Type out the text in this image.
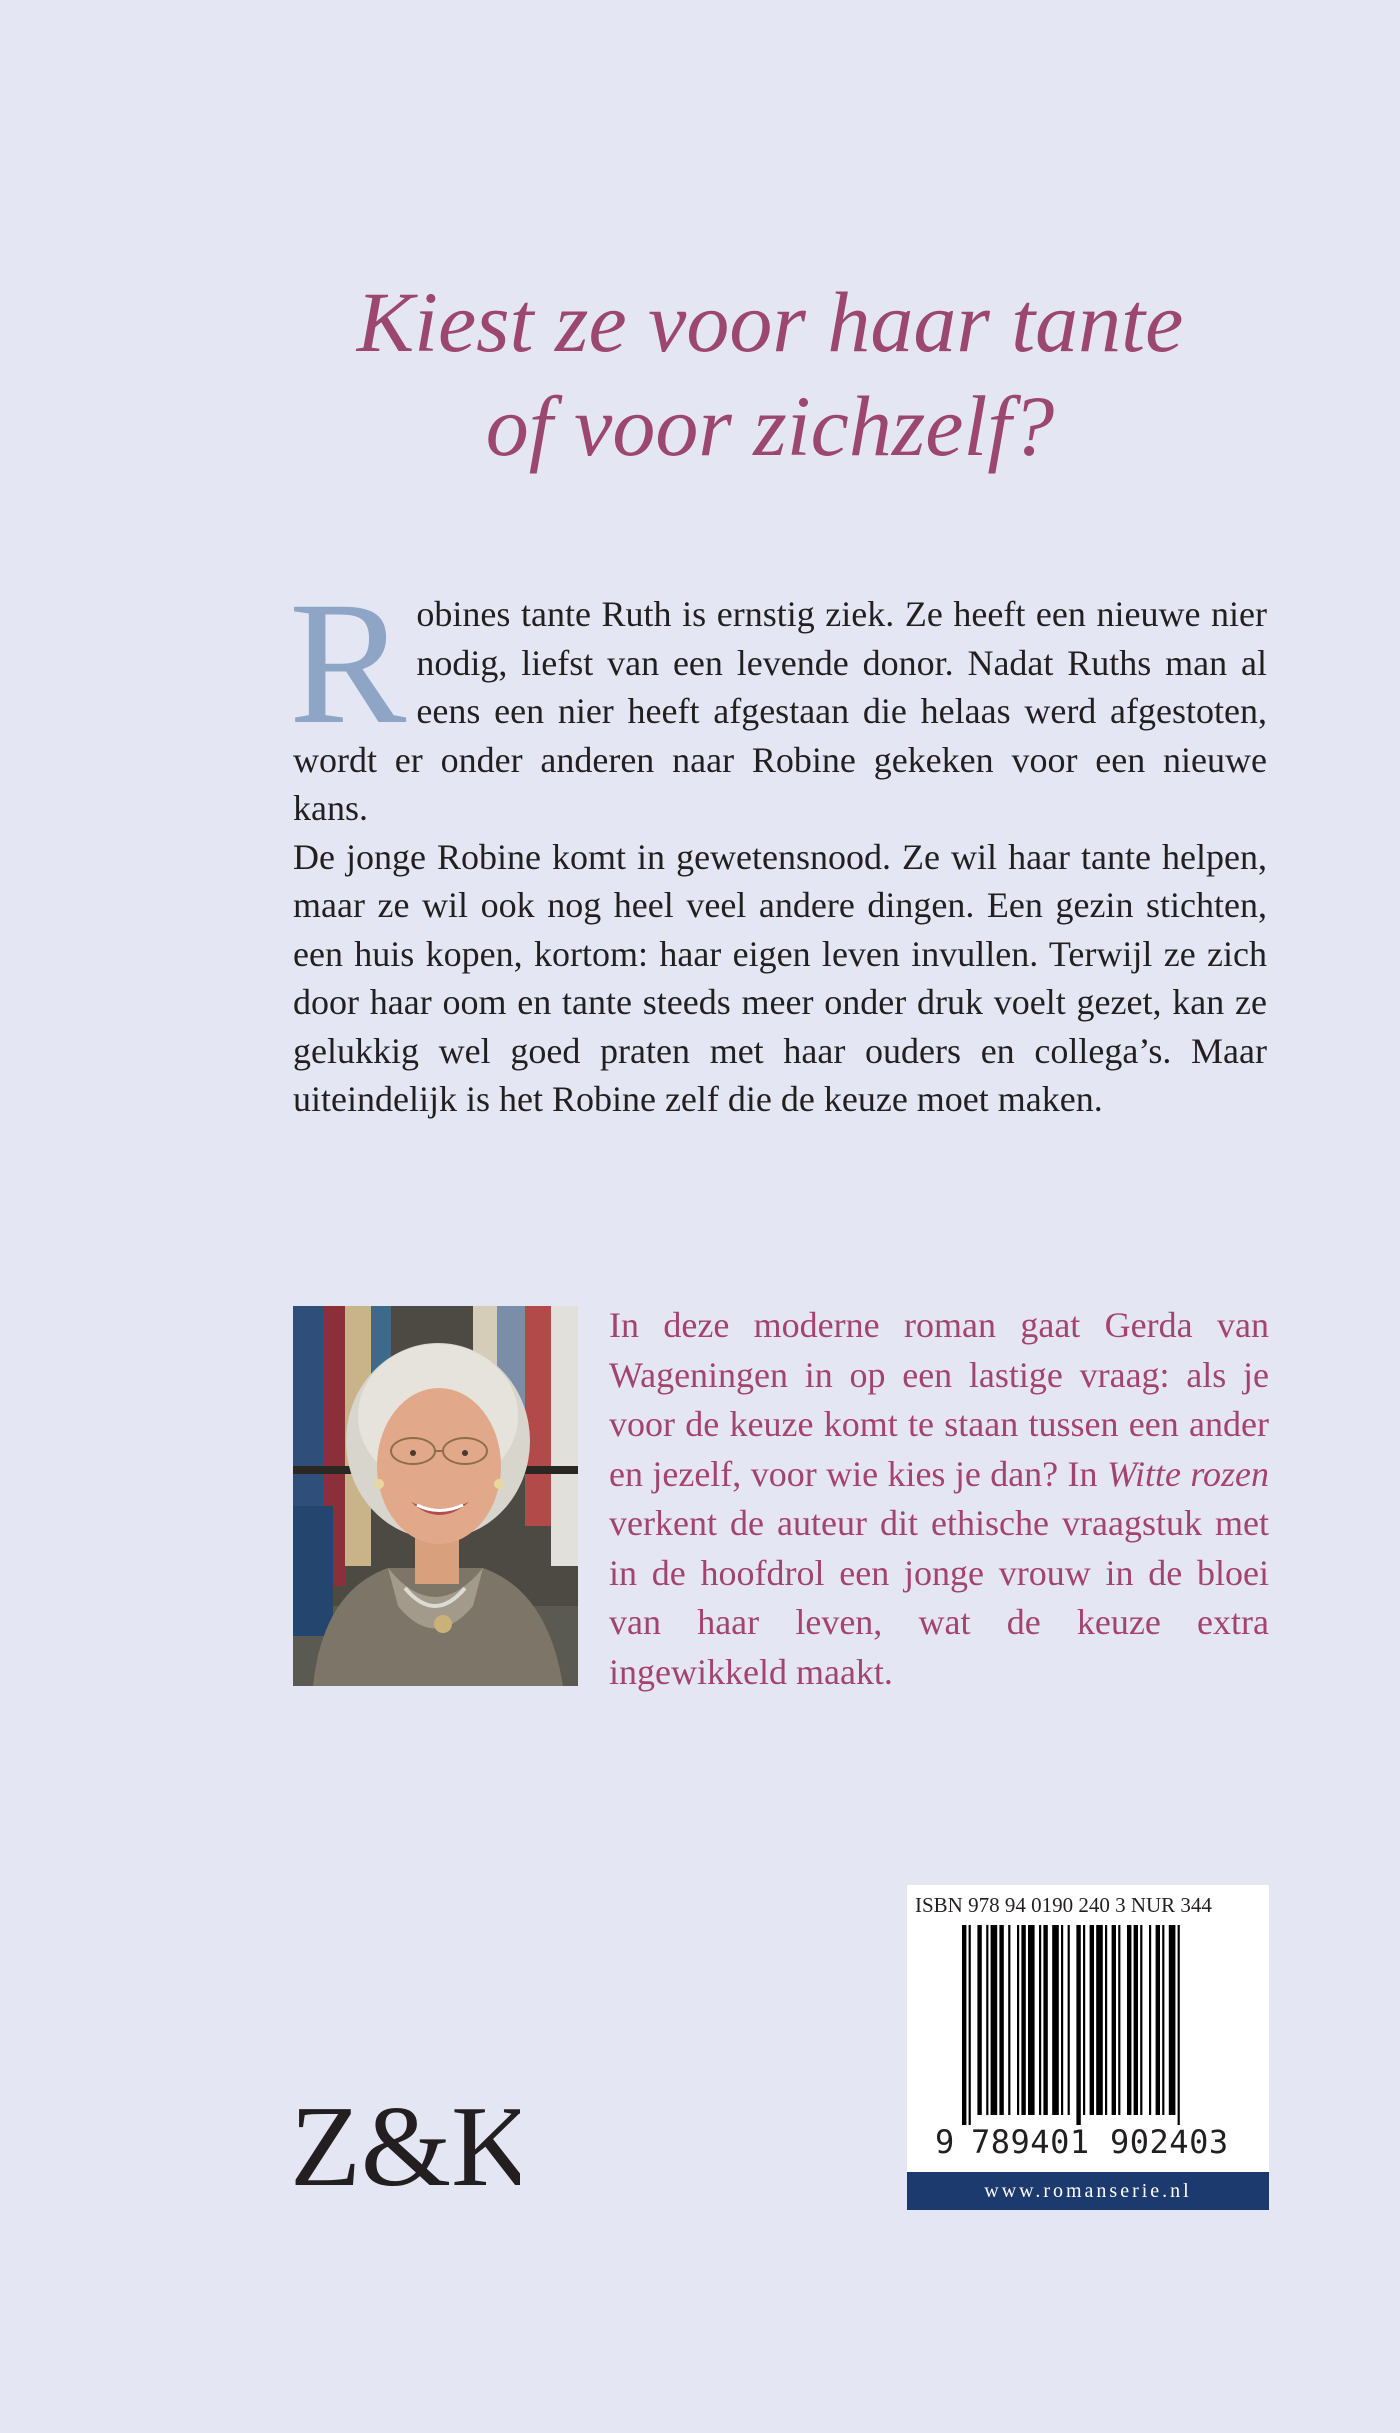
Kiest ze voor haar tante
of voor zichzelf?

Robines tante Ruth is ernstig ziek. Ze heeft een nieuwe nier nodig, liefst van een levende donor. Nadat Ruths man al eens een nier heeft afgestaan die helaas werd afgestoten, wordt er onder anderen naar Robine gekeken voor een nieuwe kans.

De jonge Robine komt in gewetensnood. Ze wil haar tante helpen, maar ze wil ook nog heel veel andere dingen. Een gezin stichten, een huis kopen, kortom: haar eigen leven invullen. Terwijl ze zich door haar oom en tante steeds meer onder druk voelt gezet, kan ze gelukkig wel goed praten met haar ouders en collega’s. Maar uiteindelijk is het Robine zelf die de keuze moet maken.

In deze moderne roman gaat Gerda van Wageningen in op een lastige vraag: als je voor de keuze komt te staan tussen een ander en jezelf, voor wie kies je dan? In Witte rozen verkent de auteur dit ethische vraagstuk met in de hoofdrol een jonge vrouw in de bloei van haar leven, wat de keuze extra ingewikkeld maakt.

Z&K
ISBN 978 94 0190 240 3 NUR 344
9 789401 902403
www.romanserie.nl
